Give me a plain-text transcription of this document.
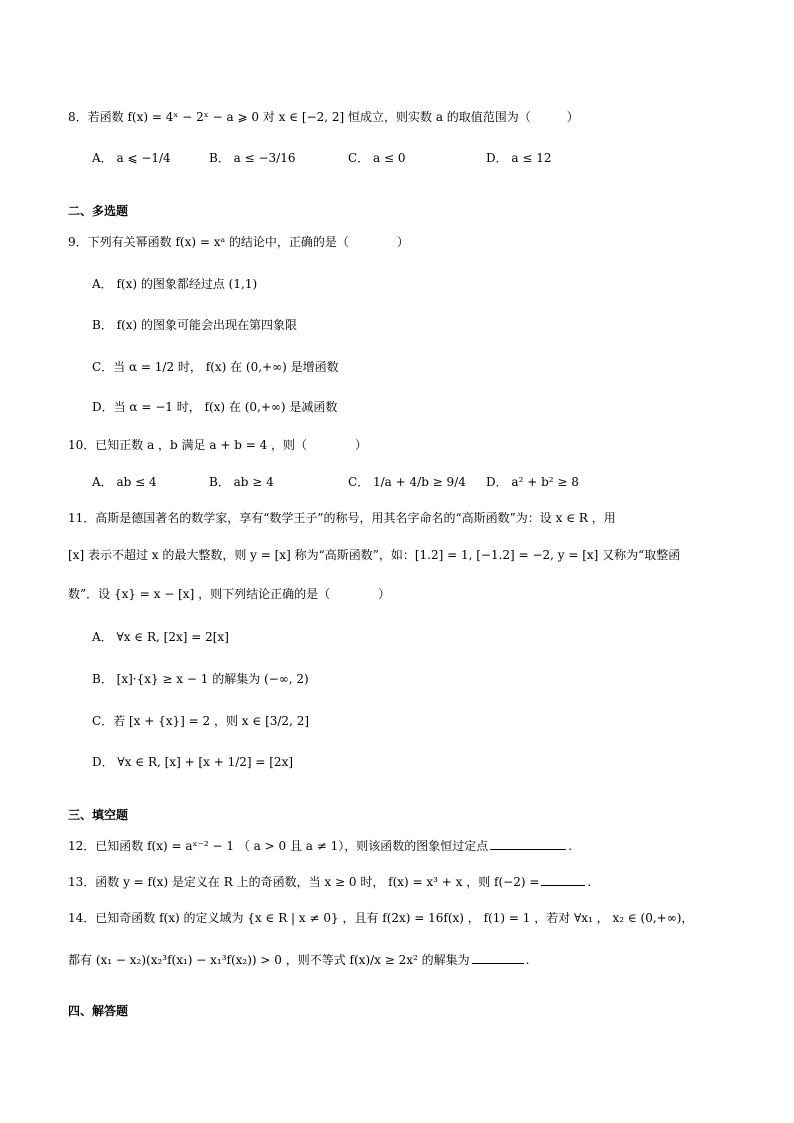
8．若函数 f(x) = 4ˣ − 2ˣ − a ⩾ 0 对 x ∈ [−2, 2] 恒成立，则实数 a 的取值范围为（　　　）
A． a ⩽ −1/4	B． a ≤ −3/16	C． a ≤ 0	D． a ≤ 12
二、多选题
9．下列有关幂函数 f(x) = xᵃ 的结论中，正确的是（　　　　）
A． f(x) 的图象都经过点 (1,1)
B． f(x) 的图象可能会出现在第四象限
C．当 α = 1/2 时， f(x) 在 (0,+∞) 是增函数
D．当 α = −1 时， f(x) 在 (0,+∞) 是减函数
10．已知正数 a ，b 满足 a + b = 4 ，则（　　　　）
A． ab ≤ 4	B． ab ≥ 4	C． 1/a + 4/b ≥ 9/4 D． a² + b² ≥ 8
11．高斯是德国著名的数学家，享有“数学王子”的称号，用其名字命名的“高斯函数”为：设 x ∈ R ，用
[x] 表示不超过 x 的最大整数，则 y = [x] 称为“高斯函数”，如：[1.2] = 1, [−1.2] = −2, y = [x] 又称为“取整函
数”．设 {x} = x − [x] ，则下列结论正确的是（　　　　）
A． ∀x ∈ R, [2x] = 2[x]
B． [x]·{x} ≥ x − 1 的解集为 (−∞, 2)
C．若 [x + {x}] = 2 ，则 x ∈ [3/2, 2]
D． ∀x ∈ R, [x] + [x + 1/2] = [2x]
三、填空题
12．已知函数 f(x) = aˣ⁻² − 1 （ a > 0 且 a ≠ 1），则该函数的图象恒过定点	.
13．函数 y = f(x) 是定义在 R 上的奇函数，当 x ≥ 0 时， f(x) = x³ + x ，则 f(−2) =	.
14．已知奇函数 f(x) 的定义域为 {x ∈ R | x ≠ 0} ，且有 f(2x) = 16f(x) ， f(1) = 1 ，若对 ∀x₁ ， x₂ ∈ (0,+∞)，
都有 (x₁ − x₂)(x₂³f(x₁) − x₁³f(x₂)) > 0 ，则不等式 f(x)/x ≥ 2x² 的解集为	.
四、解答题
